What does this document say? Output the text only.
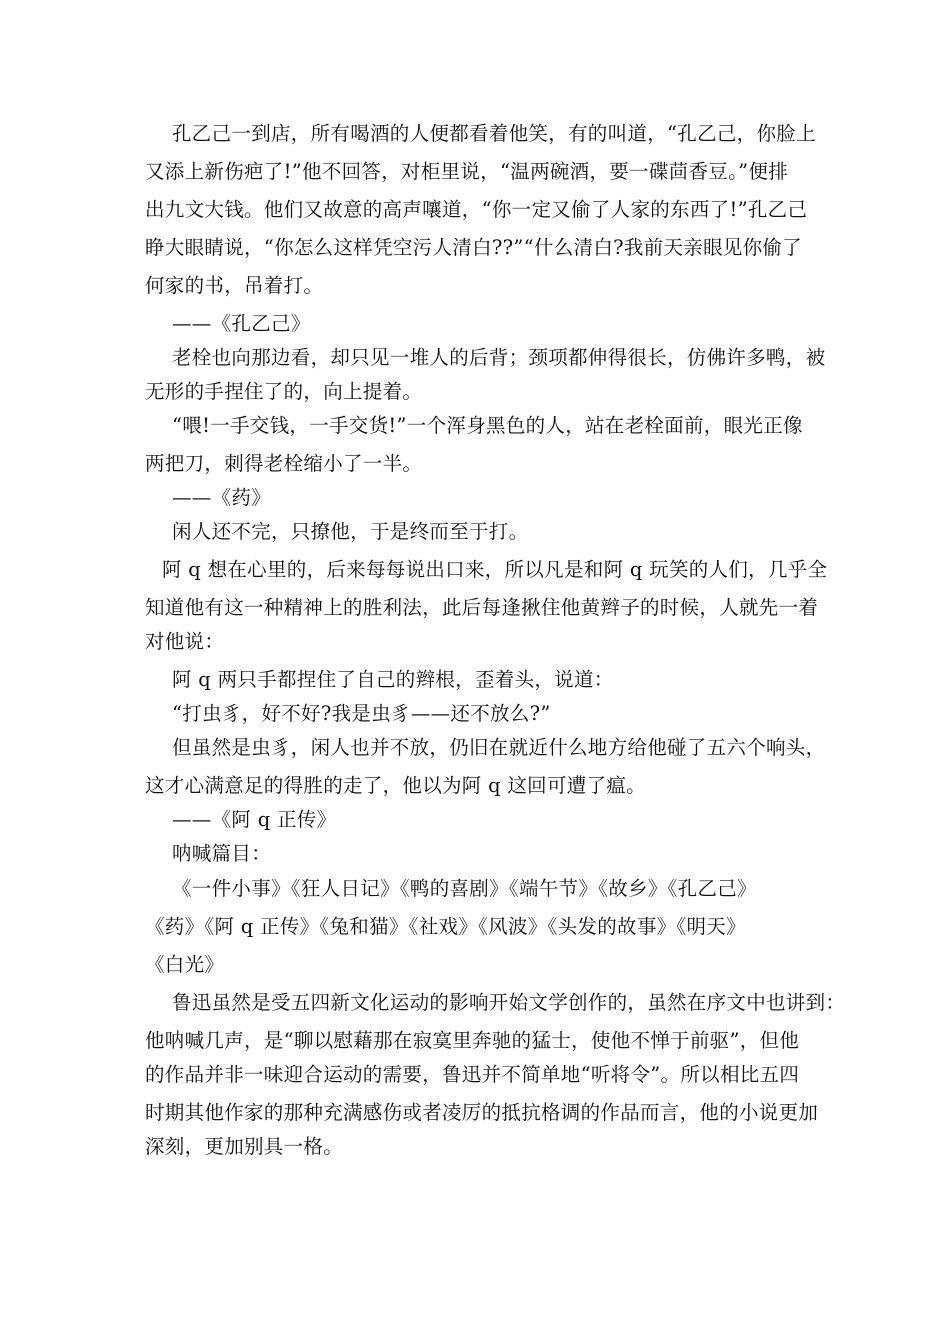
孔乙己一到店，所有喝酒的人便都看着他笑，有的叫道，“孔乙己，你脸上
又添上新伤疤了!”他不回答，对柜里说，“温两碗酒，要一碟茴香豆。”便排
出九文大钱。他们又故意的高声嚷道，“你一定又偷了人家的东西了!”孔乙己
睁大眼睛说，“你怎么这样凭空污人清白??”“什么清白?我前天亲眼见你偷了
何家的书，吊着打。
——《孔乙己》
老栓也向那边看，却只见一堆人的后背；颈项都伸得很长，仿佛许多鸭，被
无形的手捏住了的，向上提着。
“喂!一手交钱，一手交货!”一个浑身黑色的人，站在老栓面前，眼光正像
两把刀，刺得老栓缩小了一半。
——《药》
闲人还不完，只撩他，于是终而至于打。
阿 q 想在心里的，后来每每说出口来，所以凡是和阿 q 玩笑的人们，几乎全
知道他有这一种精神上的胜利法，此后每逢揪住他黄辫子的时候，人就先一着
对他说：
阿 q 两只手都捏住了自己的辫根，歪着头，说道：
“打虫豸，好不好?我是虫豸——还不放么?”
但虽然是虫豸，闲人也并不放，仍旧在就近什么地方给他碰了五六个响头，
这才心满意足的得胜的走了，他以为阿 q 这回可遭了瘟。
——《阿 q 正传》
呐喊篇目：
《一件小事》《狂人日记》《鸭的喜剧》《端午节》《故乡》《孔乙己》
《药》《阿 q 正传》《兔和猫》《社戏》《风波》《头发的故事》《明天》
《白光》
鲁迅虽然是受五四新文化运动的影响开始文学创作的，虽然在序文中也讲到：
他呐喊几声，是“聊以慰藉那在寂寞里奔驰的猛士，使他不惮于前驱”，但他
的作品并非一味迎合运动的需要，鲁迅并不简单地“听将令”。所以相比五四
时期其他作家的那种充满感伤或者凌厉的抵抗格调的作品而言，他的小说更加
深刻，更加别具一格。
